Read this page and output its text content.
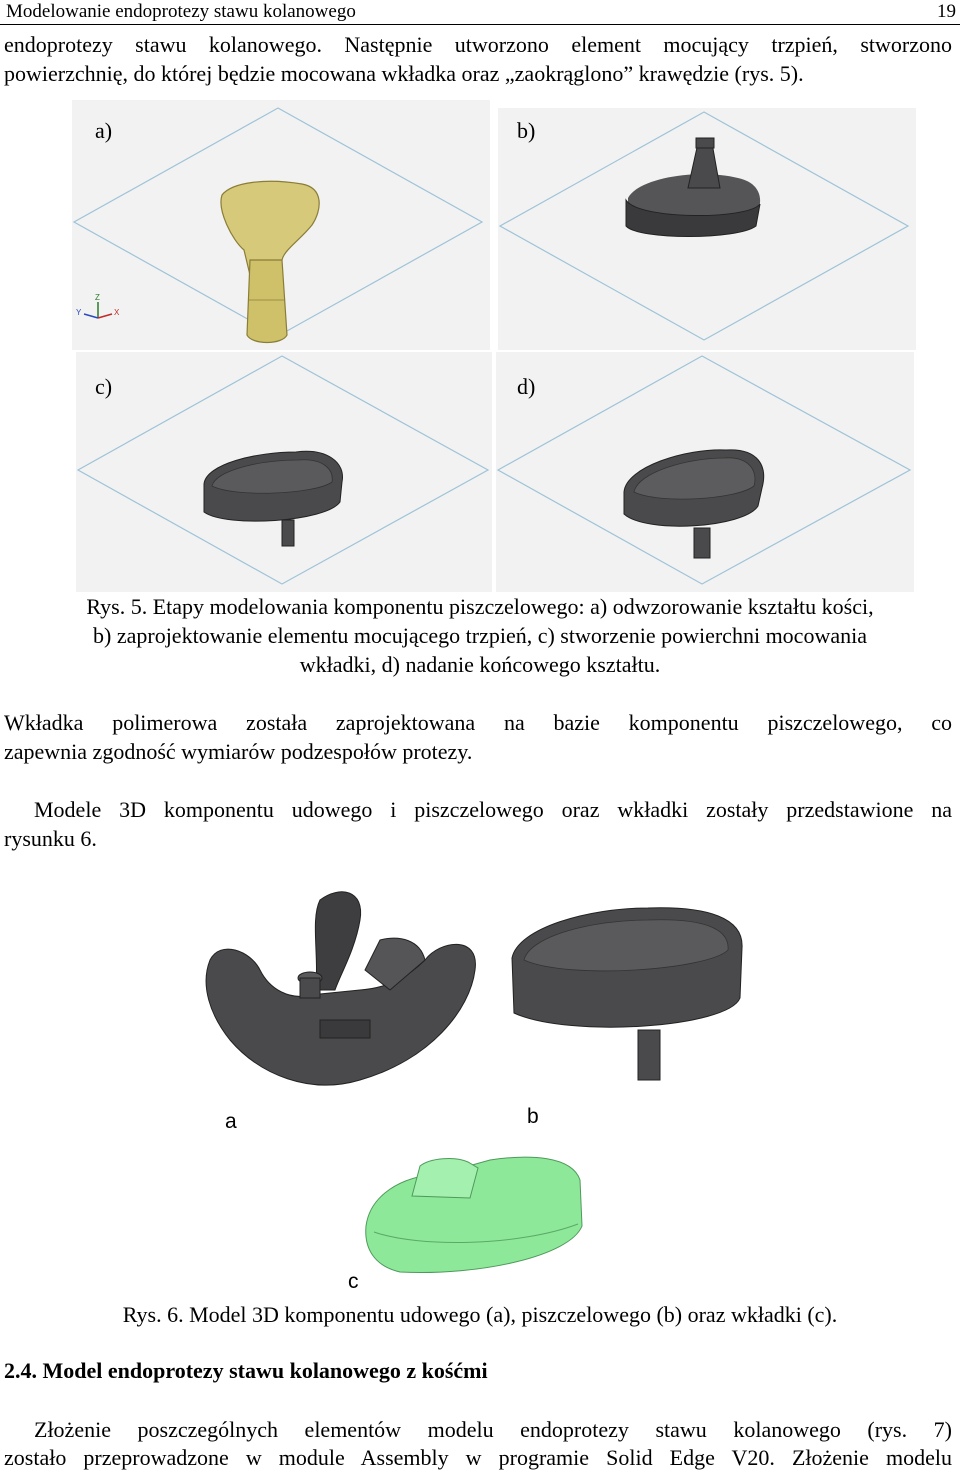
Modelowanie endoprotezy stawu kolanowego	19
endoprotezy stawu kolanowego. Następnie utworzono element mocujący trzpień, stworzono
powierzchnię, do której będzie mocowana wkładka oraz „zaokrąglono” krawędzie (rys. 5).
Z
X
Y
a)	b)
c)	d)
Rys. 5. Etapy modelowania komponentu piszczelowego: a) odwzorowanie kształtu kości,
b) zaprojektowanie elementu mocującego trzpień, c) stworzenie powierchni mocowania
wkładki, d) nadanie końcowego kształtu.
Wkładka polimerowa została zaprojektowana na bazie komponentu piszczelowego, co
zapewnia zgodność wymiarów podzespołów protezy.
Modele 3D komponentu udowego i piszczelowego oraz wkładki zostały przedstawione na
rysunku 6.
a	b
c
Rys. 6. Model 3D komponentu udowego (a), piszczelowego (b) oraz wkładki (c).
2.4. Model endoprotezy stawu kolanowego z kośćmi
Złożenie poszczególnych elementów modelu endoprotezy stawu kolanowego (rys. 7)
zostało przeprowadzone w module Assembly w programie Solid Edge V20. Złożenie modelu
